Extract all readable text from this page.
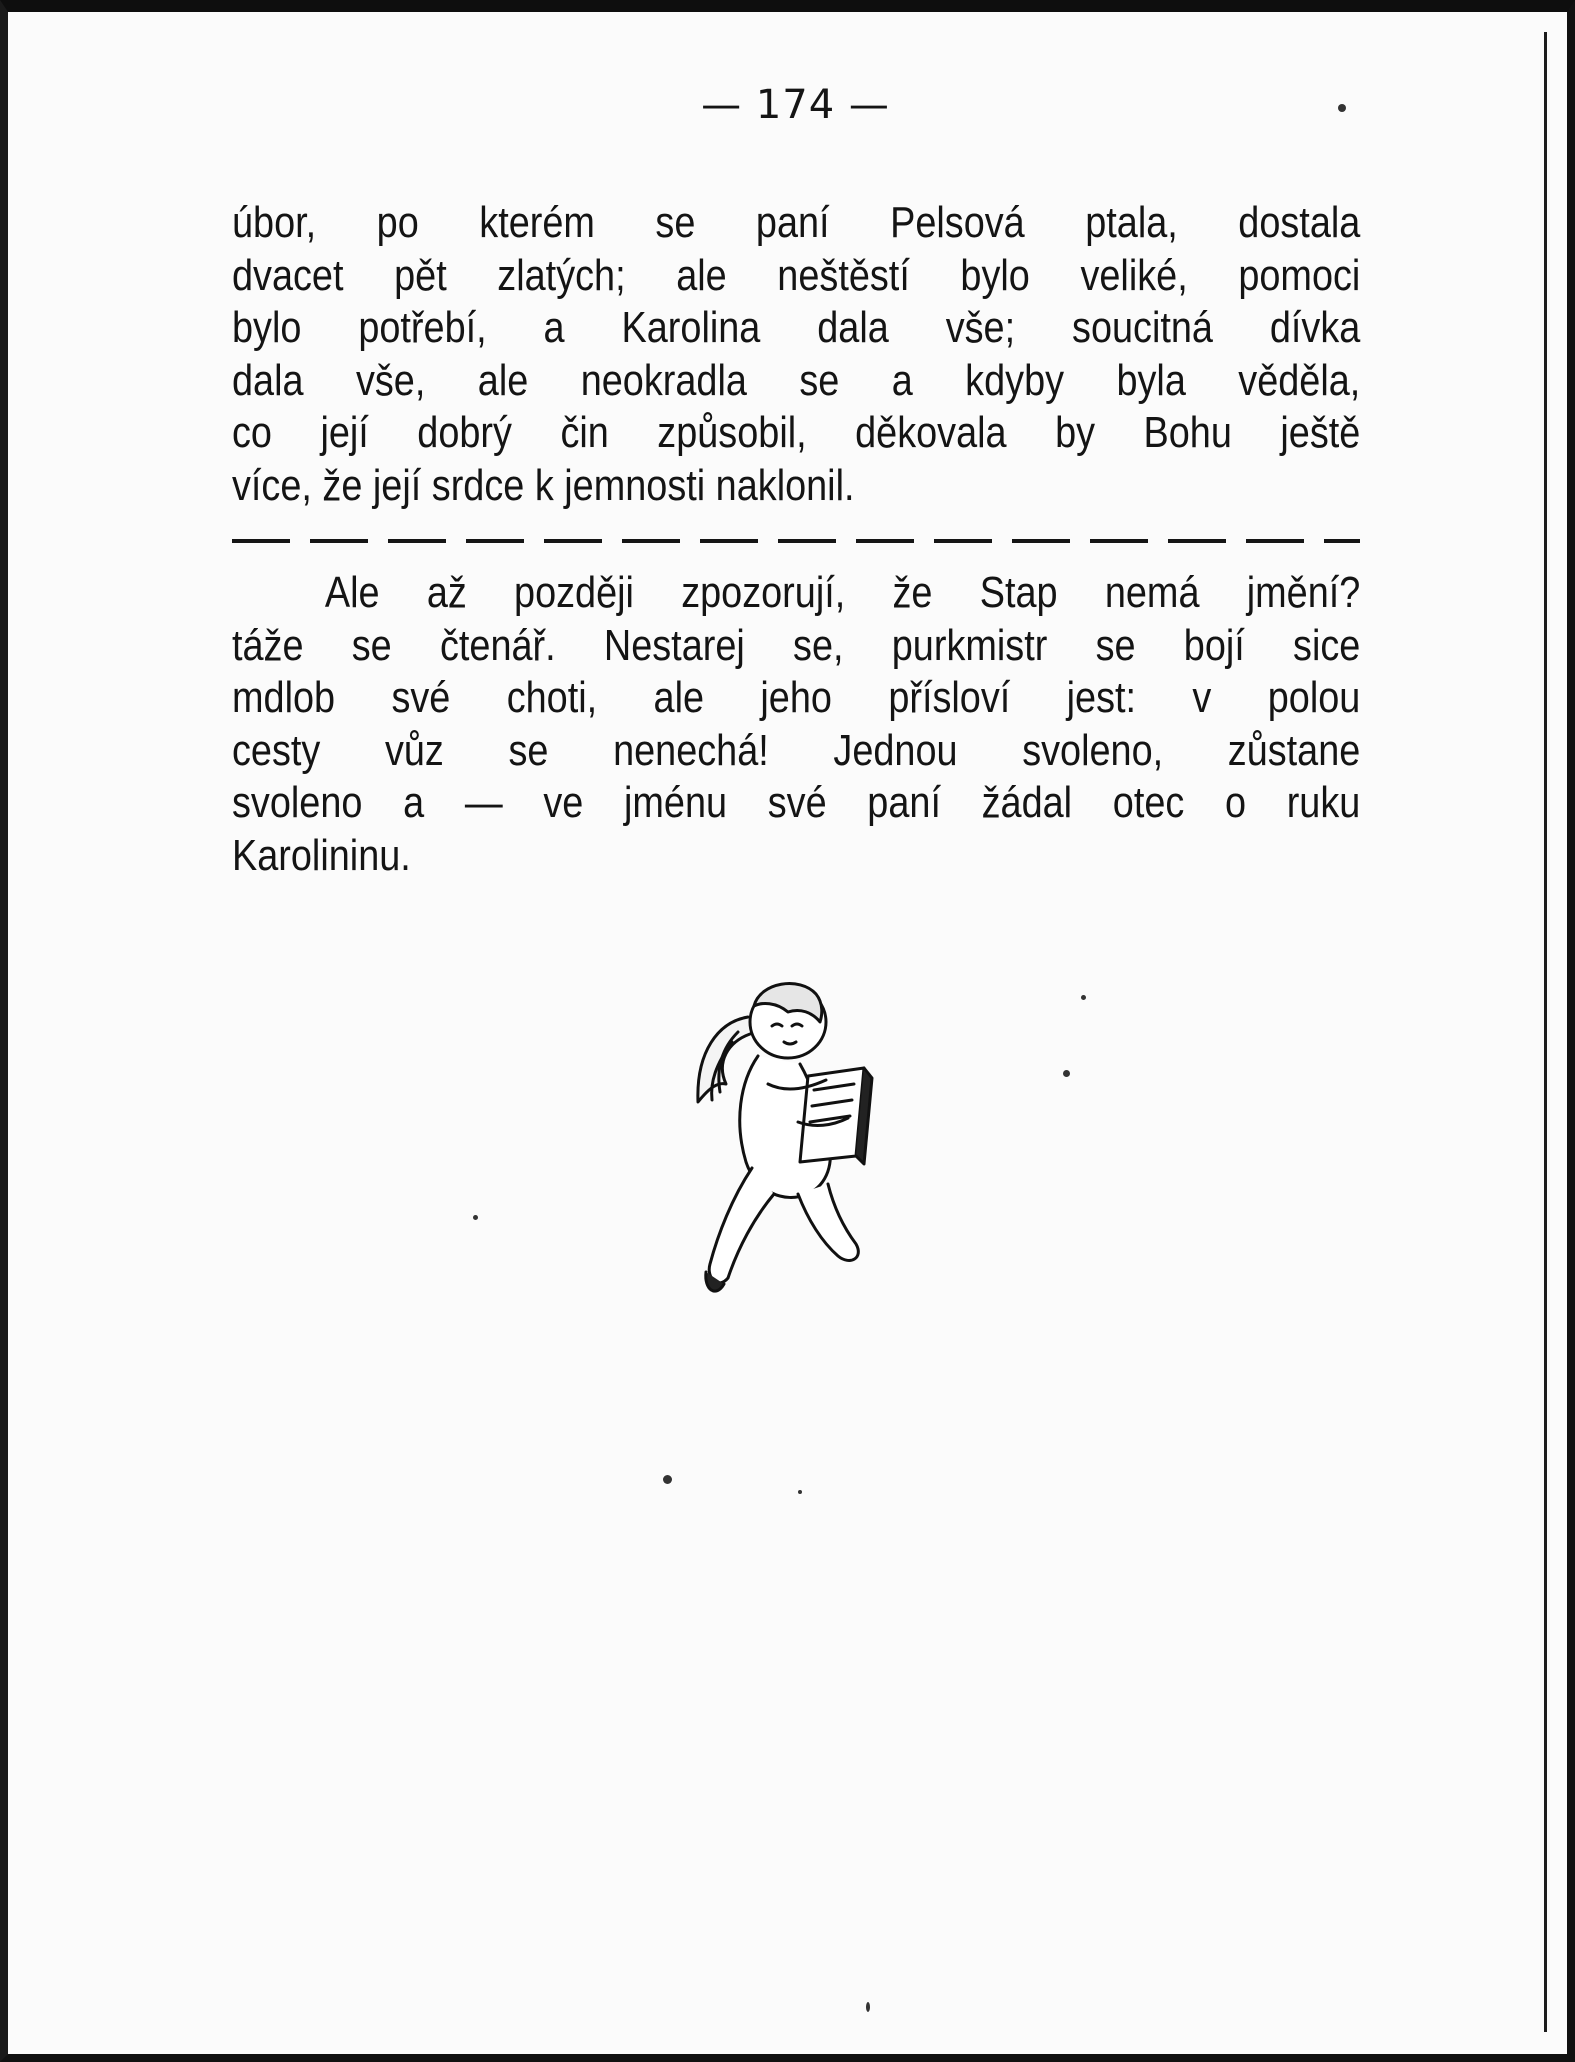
— 174 —
úbor, po kterém se paní Pelsová ptala, dostala
dvacet pět zlatých; ale neštěstí bylo veliké, pomoci
bylo potřebí, a Karolina dala vše; soucitná dívka
dala vše, ale neokradla se a kdyby byla věděla,
co její dobrý čin způsobil, děkovala by Bohu ještě
více, že její srdce k jemnosti naklonil.
Ale až později zpozorují, že Stap nemá jmění?
táže se čtenář. Nestarej se, purkmistr se bojí sice
mdlob své choti, ale jeho přísloví jest: v polou
cesty vůz se nenechá! Jednou svoleno, zůstane
svoleno a — ve jménu své paní žádal otec o ruku
Karolininu.
